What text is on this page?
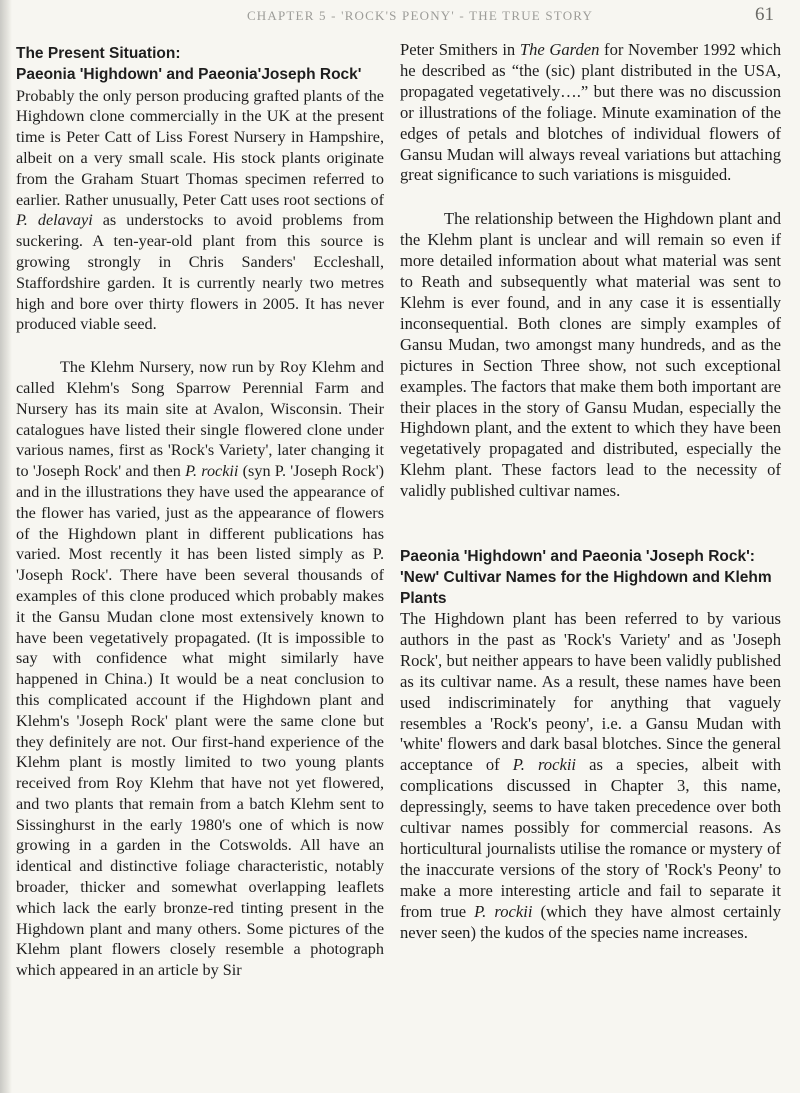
CHAPTER 5 - 'ROCK'S PEONY' - THE TRUE STORY	61
The Present Situation:
Paeonia 'Highdown' and Paeonia'Joseph Rock'

Probably the only person producing grafted plants of the Highdown clone commercially in the UK at the present time is Peter Catt of Liss Forest Nursery in Hampshire, albeit on a very small scale. His stock plants originate from the Graham Stuart Thomas specimen referred to earlier. Rather unusually, Peter Catt uses root sections of P. delavayi as understocks to avoid problems from suckering. A ten-year-old plant from this source is growing strongly in Chris Sanders' Eccleshall, Staffordshire garden. It is currently nearly two metres high and bore over thirty flowers in 2005. It has never produced viable seed.

The Klehm Nursery, now run by Roy Klehm and called Klehm's Song Sparrow Perennial Farm and Nursery has its main site at Avalon, Wisconsin. Their catalogues have listed their single flowered clone under various names, first as 'Rock's Variety', later changing it to 'Joseph Rock' and then P. rockii (syn P. 'Joseph Rock') and in the illustrations they have used the appearance of the flower has varied, just as the appearance of flowers of the Highdown plant in different publications has varied. Most recently it has been listed simply as P. 'Joseph Rock'. There have been several thousands of examples of this clone produced which probably makes it the Gansu Mudan clone most extensively known to have been vegetatively propagated. (It is impossible to say with confidence what might similarly have happened in China.) It would be a neat conclusion to this complicated account if the Highdown plant and Klehm's 'Joseph Rock' plant were the same clone but they definitely are not. Our first-hand experience of the Klehm plant is mostly limited to two young plants received from Roy Klehm that have not yet flowered, and two plants that remain from a batch Klehm sent to Sissinghurst in the early 1980's one of which is now growing in a garden in the Cotswolds. All have an identical and distinctive foliage characteristic, notably broader, thicker and somewhat overlapping leaflets which lack the early bronze-red tinting present in the Highdown plant and many others. Some pictures of the Klehm plant flowers closely resemble a photograph which appeared in an article by Sir

Peter Smithers in The Garden for November 1992 which he described as “the (sic) plant distributed in the USA, propagated vegetatively….” but there was no discussion or illustrations of the foliage. Minute examination of the edges of petals and blotches of individual flowers of Gansu Mudan will always reveal variations but attaching great significance to such variations is misguided.

The relationship between the Highdown plant and the Klehm plant is unclear and will remain so even if more detailed information about what material was sent to Reath and subsequently what material was sent to Klehm is ever found, and in any case it is essentially inconsequential. Both clones are simply examples of Gansu Mudan, two amongst many hundreds, and as the pictures in Section Three show, not such exceptional examples. The factors that make them both important are their places in the story of Gansu Mudan, especially the Highdown plant, and the extent to which they have been vegetatively propagated and distributed, especially the Klehm plant. These factors lead to the necessity of validly published cultivar names.

Paeonia 'Highdown' and Paeonia 'Joseph Rock': 'New' Cultivar Names for the Highdown and Klehm Plants

The Highdown plant has been referred to by various authors in the past as 'Rock's Variety' and as 'Joseph Rock', but neither appears to have been validly published as its cultivar name. As a result, these names have been used indiscriminately for anything that vaguely resembles a 'Rock's peony', i.e. a Gansu Mudan with 'white' flowers and dark basal blotches. Since the general acceptance of P. rockii as a species, albeit with complications discussed in Chapter 3, this name, depressingly, seems to have taken precedence over both cultivar names possibly for commercial reasons. As horticultural journalists utilise the romance or mystery of the inaccurate versions of the story of 'Rock's Peony' to make a more interesting article and fail to separate it from true P. rockii (which they have almost certainly never seen) the kudos of the species name increases.
